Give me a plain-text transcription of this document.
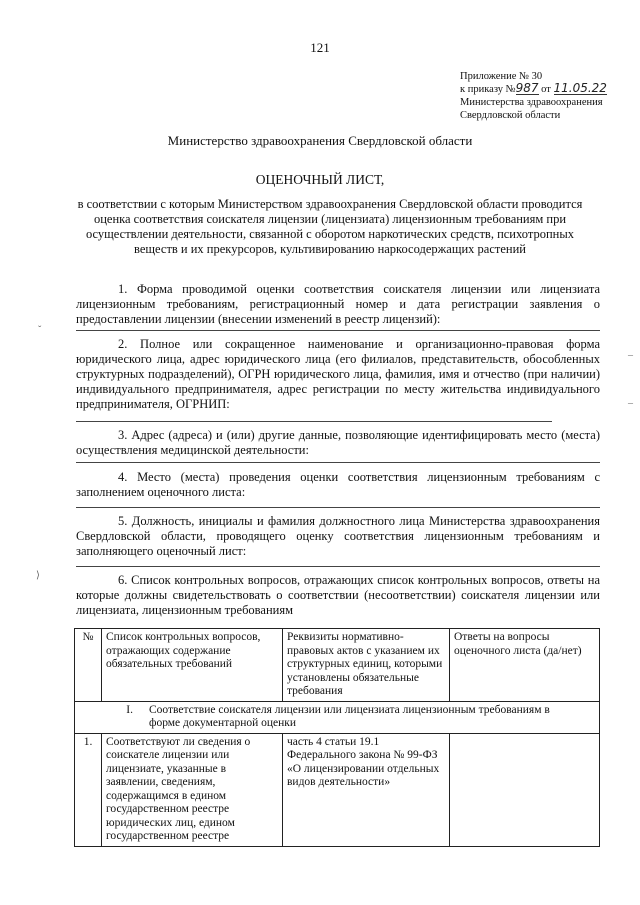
121
Приложение № 30
к приказу №987 от 11.05.22
Министерства здравоохранения
Свердловской области
Министерство здравоохранения Свердловской области
ОЦЕНОЧНЫЙ ЛИСТ,
в соответствии с которым Министерством здравоохранения Свердловской области проводится оценка соответствия соискателя лицензии (лицензиата) лицензионным требованиям при осуществлении деятельности, связанной с оборотом наркотических средств, психотропных веществ и их прекурсоров, культивированию наркосодержащих растений
1. Форма проводимой оценки соответствия соискателя лицензии или лицензиата лицензионным требованиям, регистрационный номер и дата регистрации заявления о предоставлении лицензии (внесении изменений в реестр лицензий):
2. Полное или сокращенное наименование и организационно-правовая форма юридического лица, адрес юридического лица (его филиалов, представительств, обособленных структурных подразделений), ОГРН юридического лица, фамилия, имя и отчество (при наличии) индивидуального предпринимателя, адрес регистрации по месту жительства индивидуального предпринимателя, ОГРНИП:
3. Адрес (адреса) и (или) другие данные, позволяющие идентифицировать место (места) осуществления медицинской деятельности:
4. Место (места) проведения оценки соответствия лицензионным требованиям с заполнением оценочного листа:
5. Должность, инициалы и фамилия должностного лица Министерства здравоохранения Свердловской области, проводящего оценку соответствия лицензионным требованиям и заполняющего оценочный лист:
6. Список контрольных вопросов, отражающих список контрольных вопросов, ответы на которые должны свидетельствовать о соответствии (несоответствии) соискателя лицензии или лицензиата, лицензионным требованиям
№	Список контрольных вопросов, отражающих содержание обязательных требований	Реквизиты нормативно-правовых актов с указанием их структурных единиц, которыми установлены обязательные требования	Ответы на вопросы оценочного листа (да/нет)
I. Соответствие соискателя лицензии или лицензиата лицензионным требованиям в форме документарной оценки			
1.	Соответствуют ли сведения о соискателе лицензии или лицензиате, указанные в заявлении, сведениям, содержащимся в едином государственном реестре юридических лиц, едином государственном реестре	часть 4 статьи 19.1 Федерального закона № 99-ФЗ «О лицензировании отдельных видов деятельности»	
ˇ
⟩
–
–
